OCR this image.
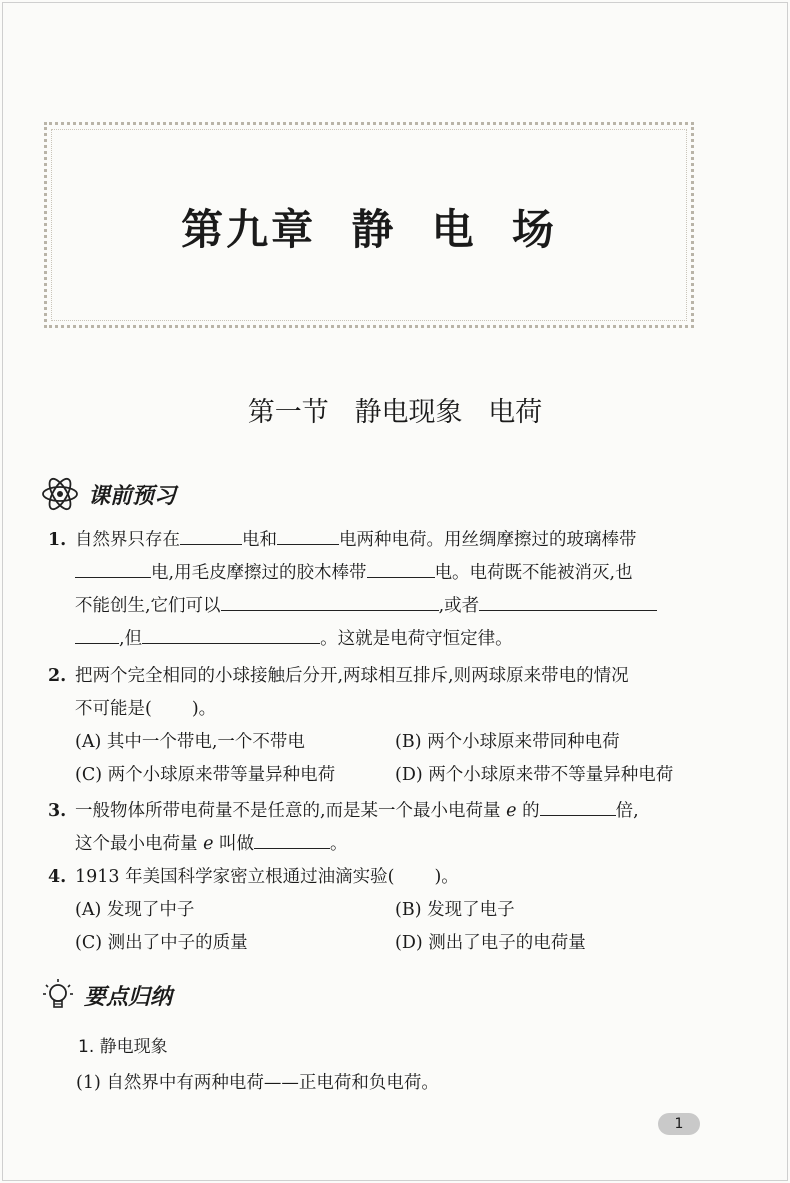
第九章  静  电  场
第一节   静电现象   电荷
课前预习
1. 自然界只存在	电和	电两种电荷。用丝绸摩擦过的玻璃棒带
电,用毛皮摩擦过的胶木棒带	电。电荷既不能被消灭,也
不能创生,它们可以	,或者
,但	。这就是电荷守恒定律。
2. 把两个完全相同的小球接触后分开,两球相互排斥,则两球原来带电的情况
不可能是( )。
(A) 其中一个带电,一个不带电	(B) 两个小球原来带同种电荷
(C) 两个小球原来带等量异种电荷	(D) 两个小球原来带不等量异种电荷
3. 一般物体所带电荷量不是任意的,而是某一个最小电荷量 e 的	倍,
这个最小电荷量 e 叫做	。
4. 1913 年美国科学家密立根通过油滴实验( )。
(A) 发现了中子	(B) 发现了电子
(C) 测出了中子的质量	(D) 测出了电子的电荷量
要点归纳
1. 静电现象
(1) 自然界中有两种电荷——正电荷和负电荷。
1
